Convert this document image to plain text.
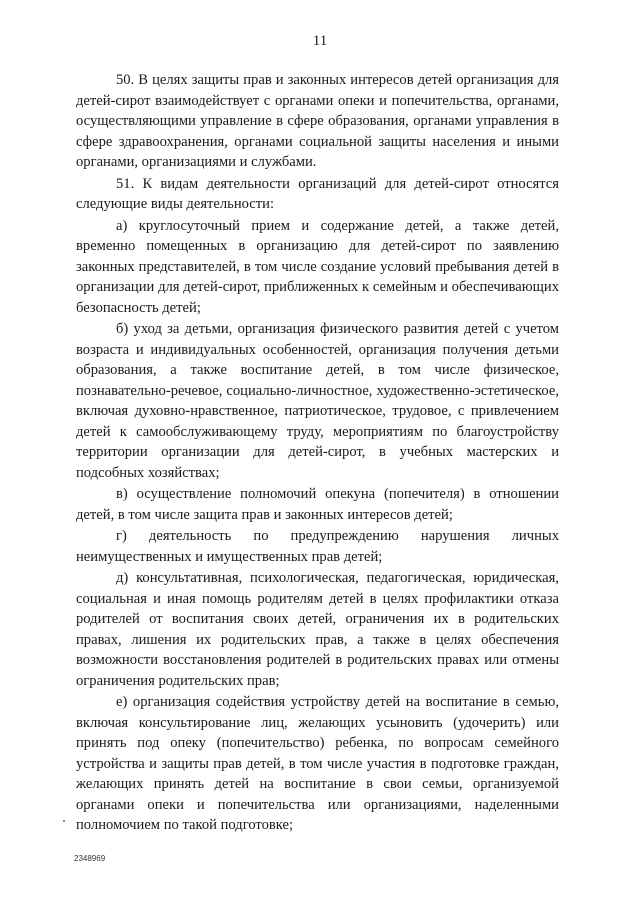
11

50. В целях защиты прав и законных интересов детей организация для детей-сирот взаимодействует с органами опеки и попечительства, органами, осуществляющими управление в сфере образования, органами управления в сфере здравоохранения, органами социальной защиты населения и иными органами, организациями и службами.

51. К видам деятельности организаций для детей-сирот относятся следующие виды деятельности:

а) круглосуточный прием и содержание детей, а также детей, временно помещенных в организацию для детей-сирот по заявлению законных представителей, в том числе создание условий пребывания детей в организации для детей-сирот, приближенных к семейным и обеспечивающих безопасность детей;

б) уход за детьми, организация физического развития детей с учетом возраста и индивидуальных особенностей, организация получения детьми образования, а также воспитание детей, в том числе физическое, познавательно-речевое, социально-личностное, художественно-эстетическое, включая духовно-нравственное, патриотическое, трудовое, с привлечением детей к самообслуживающему труду, мероприятиям по благоустройству территории организации для детей-сирот, в учебных мастерских и подсобных хозяйствах;

в) осуществление полномочий опекуна (попечителя) в отношении детей, в том числе защита прав и законных интересов детей;

г) деятельность по предупреждению нарушения личных неимущественных и имущественных прав детей;

д) консультативная, психологическая, педагогическая, юридическая, социальная и иная помощь родителям детей в целях профилактики отказа родителей от воспитания своих детей, ограничения их в родительских правах, лишения их родительских прав, а также в целях обеспечения возможности восстановления родителей в родительских правах или отмены ограничения родительских прав;

е) организация содействия устройству детей на воспитание в семью, включая консультирование лиц, желающих усыновить (удочерить) или принять под опеку (попечительство) ребенка, по вопросам семейного устройства и защиты прав детей, в том числе участия в подготовке граждан, желающих принять детей на воспитание в свои семьи, организуемой органами опеки и попечительства или организациями, наделенными полномочием по такой подготовке;

2348969
